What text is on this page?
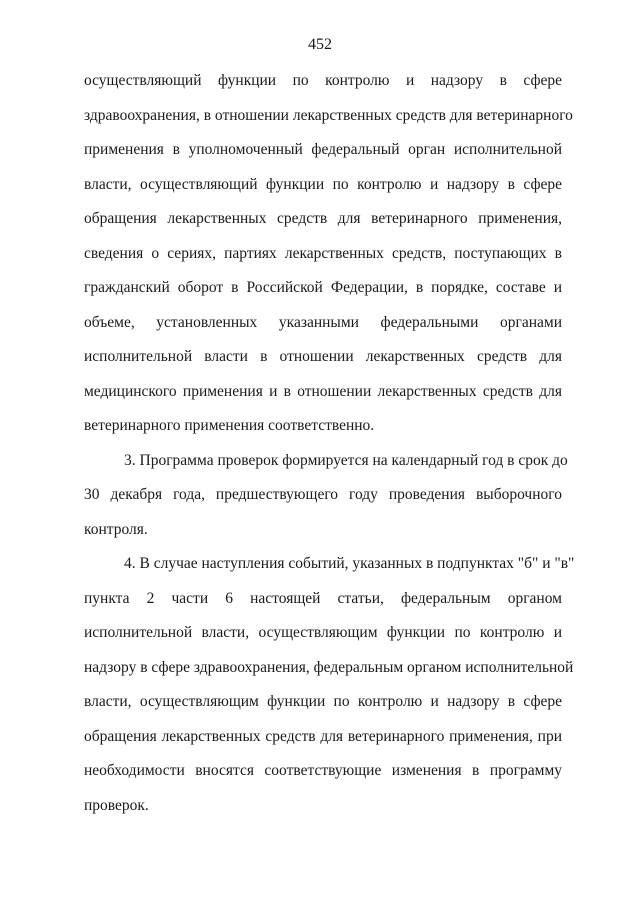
452
осуществляющий функции по контролю и надзору в сфере
здравоохранения, в отношении лекарственных средств для ветеринарного
применения в уполномоченный федеральный орган исполнительной
власти, осуществляющий функции по контролю и надзору в сфере
обращения лекарственных средств для ветеринарного применения,
сведения о сериях, партиях лекарственных средств, поступающих в
гражданский оборот в Российской Федерации, в порядке, составе и
объеме, установленных указанными федеральными органами
исполнительной власти в отношении лекарственных средств для
медицинского применения и в отношении лекарственных средств для
ветеринарного применения соответственно.
3. Программа проверок формируется на календарный год в срок до
30 декабря года, предшествующего году проведения выборочного
контроля.
4. В случае наступления событий, указанных в подпунктах "б" и "в"
пункта 2 части 6 настоящей статьи, федеральным органом
исполнительной власти, осуществляющим функции по контролю и
надзору в сфере здравоохранения, федеральным органом исполнительной
власти, осуществляющим функции по контролю и надзору в сфере
обращения лекарственных средств для ветеринарного применения, при
необходимости вносятся соответствующие изменения в программу
проверок.
